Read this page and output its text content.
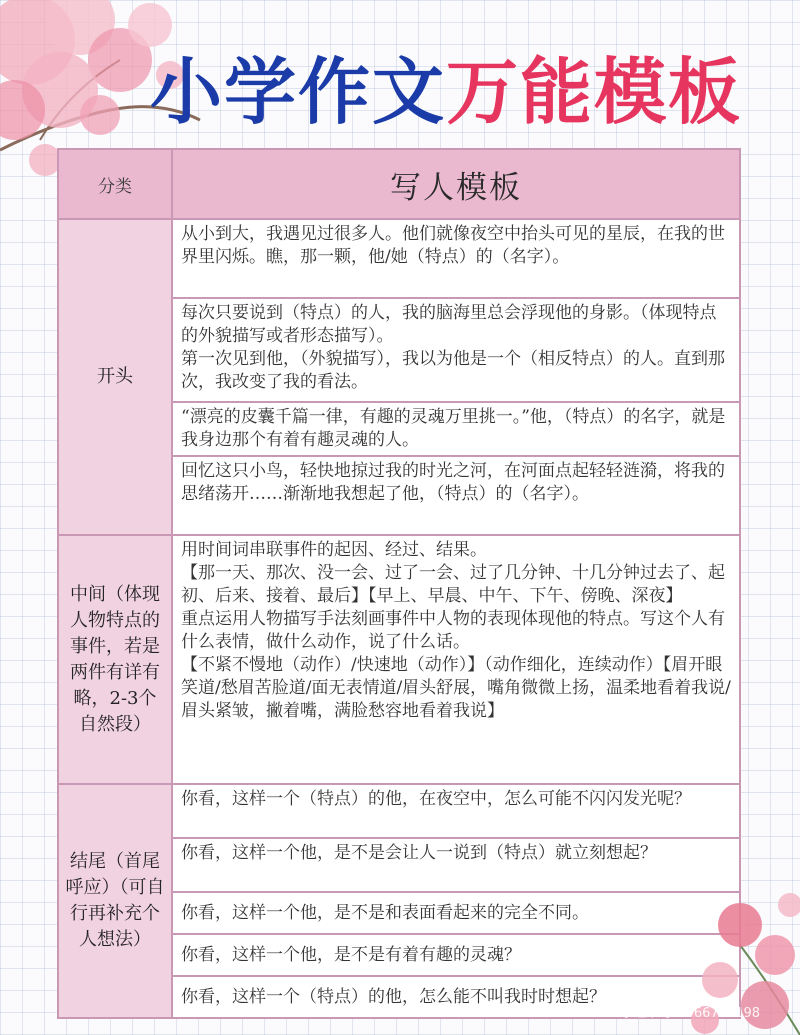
小学作文万能模板
分类	写人模板
开头	从小到大，我遇见过很多人。他们就像夜空中抬头可见的星辰，在我的世界里闪烁。瞧，那一颗，他/她（特点）的（名字）。

	每次只要说到（特点）的人，我的脑海里总会浮现他的身影。（体现特点的外貌描写或者形态描写）。
第一次见到他，（外貌描写），我以为他是一个（相反特点）的人。直到那次，我改变了我的看法。

	“漂亮的皮囊千篇一律，有趣的灵魂万里挑一。”他，（特点）的名字，就是我身边那个有着有趣灵魂的人。

	回忆这只小鸟，轻快地掠过我的时光之河，在河面点起轻轻涟漪，将我的思绪荡开……渐渐地我想起了他，（特点）的（名字）。

中间（体现人物特点的事件，若是两件有详有略，2-3个自然段）	用时间词串联事件的起因、经过、结果。

【那一天、那次、没一会、过了一会、过了几分钟、十几分钟过去了、起初、后来、接着、最后】【早上、早晨、中午、下午、傍晚、深夜】

重点运用人物描写手法刻画事件中人物的表现体现他的特点。写这个人有什么表情，做什么动作，说了什么话。

【不紧不慢地（动作）/快速地（动作）】（动作细化，连续动作）【眉开眼笑道/愁眉苦脸道/面无表情道/眉头舒展，嘴角微微上扬，温柔地看着我说/眉头紧皱，撇着嘴，满脸愁容地看着我说】

结尾（首尾呼应）（可自行再补充个人想法）	你看，这样一个（特点）的他，在夜空中，怎么可能不闪闪发光呢？

	你看，这样一个他，是不是会让人一说到（特点）就立刻想起？

	你看，这样一个他，是不是和表面看起来的完全不同。

	你看，这样一个他，是不是有着有趣的灵魂？

	你看，这样一个（特点）的他，怎么能不叫我时时想起？

小红书号：966742198
